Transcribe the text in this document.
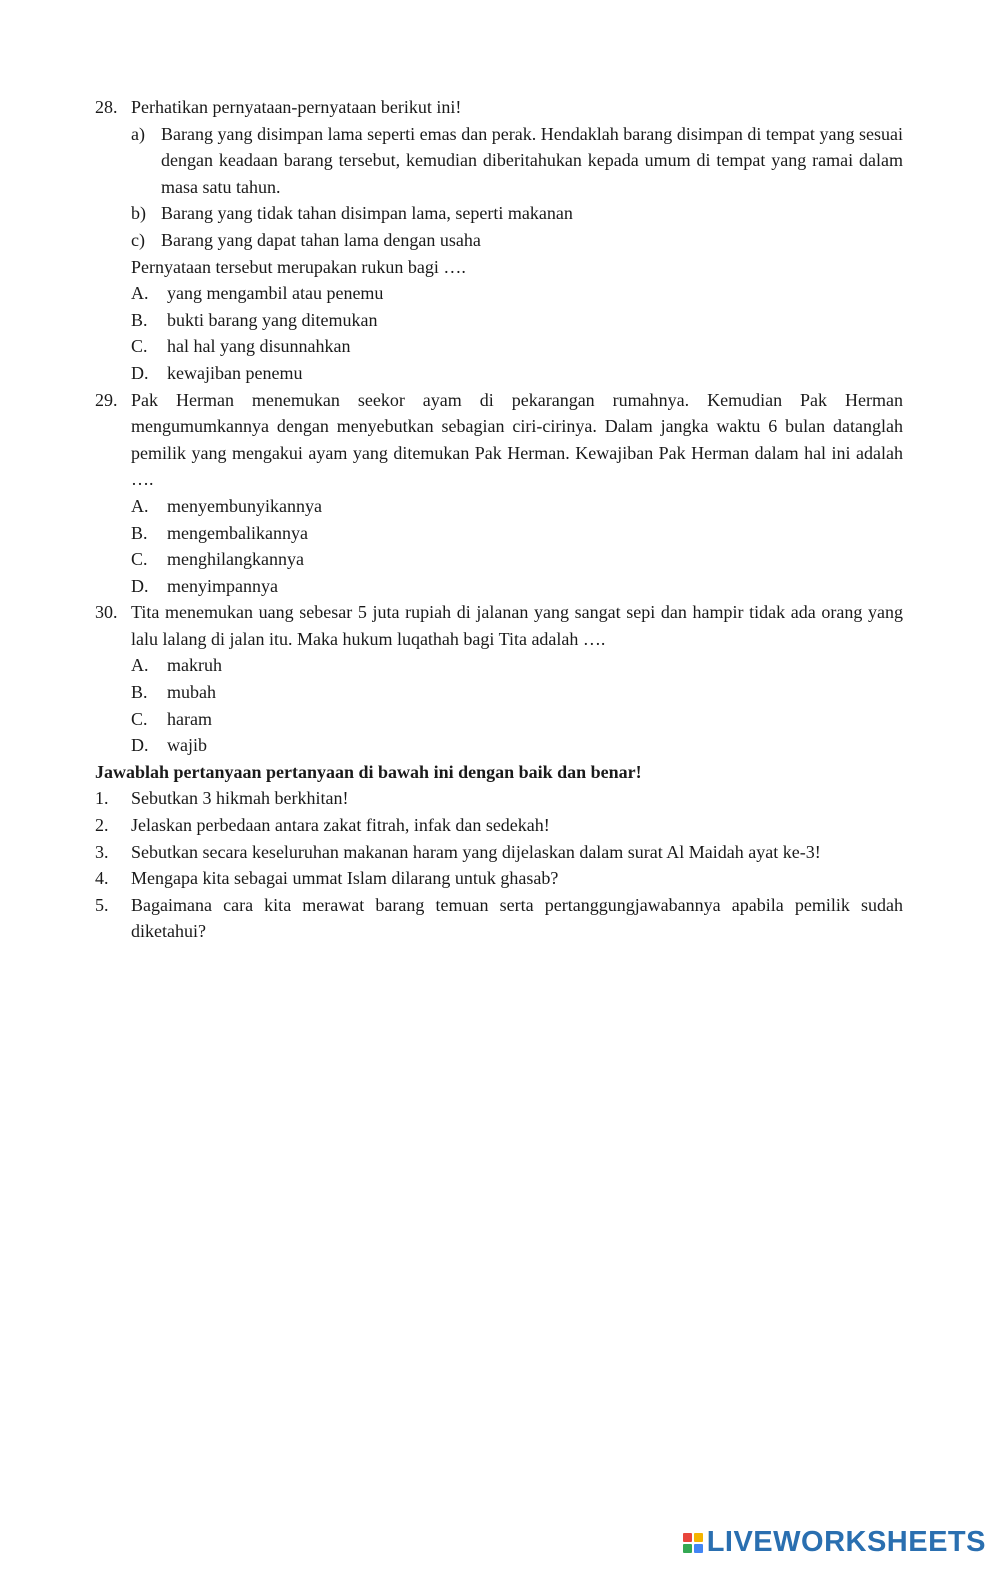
28. Perhatikan pernyataan-pernyataan berikut ini!
a) Barang yang disimpan lama seperti emas dan perak. Hendaklah barang disimpan di tempat yang sesuai dengan keadaan barang tersebut, kemudian diberitahukan kepada umum di tempat yang ramai dalam masa satu tahun.
b) Barang yang tidak tahan disimpan lama, seperti makanan
c) Barang yang dapat tahan lama dengan usaha
Pernyataan tersebut merupakan rukun bagi ….
A. yang mengambil atau penemu
B. bukti barang yang ditemukan
C. hal hal yang disunnahkan
D. kewajiban penemu
29. Pak Herman menemukan seekor ayam di pekarangan rumahnya. Kemudian Pak Herman mengumumkannya dengan menyebutkan sebagian ciri-cirinya. Dalam jangka waktu 6 bulan datanglah pemilik yang mengakui ayam yang ditemukan Pak Herman. Kewajiban Pak Herman dalam hal ini adalah ….
A. menyembunyikannya
B. mengembalikannya
C. menghilangkannya
D. menyimpannya
30. Tita menemukan uang sebesar 5 juta rupiah di jalanan yang sangat sepi dan hampir tidak ada orang yang lalu lalang di jalan itu. Maka hukum luqathah bagi Tita adalah ….
A. makruh
B. mubah
C. haram
D. wajib
Jawablah pertanyaan pertanyaan di bawah ini dengan baik dan benar!
1. Sebutkan 3 hikmah berkhitan!
2. Jelaskan perbedaan antara zakat fitrah, infak dan sedekah!
3. Sebutkan secara keseluruhan makanan haram yang dijelaskan dalam surat Al Maidah ayat ke-3!
4. Mengapa kita sebagai ummat Islam dilarang untuk ghasab?
5. Bagaimana cara kita merawat barang temuan serta pertanggungjawabannya apabila pemilik sudah diketahui?
LIVEWORKSHEETS
